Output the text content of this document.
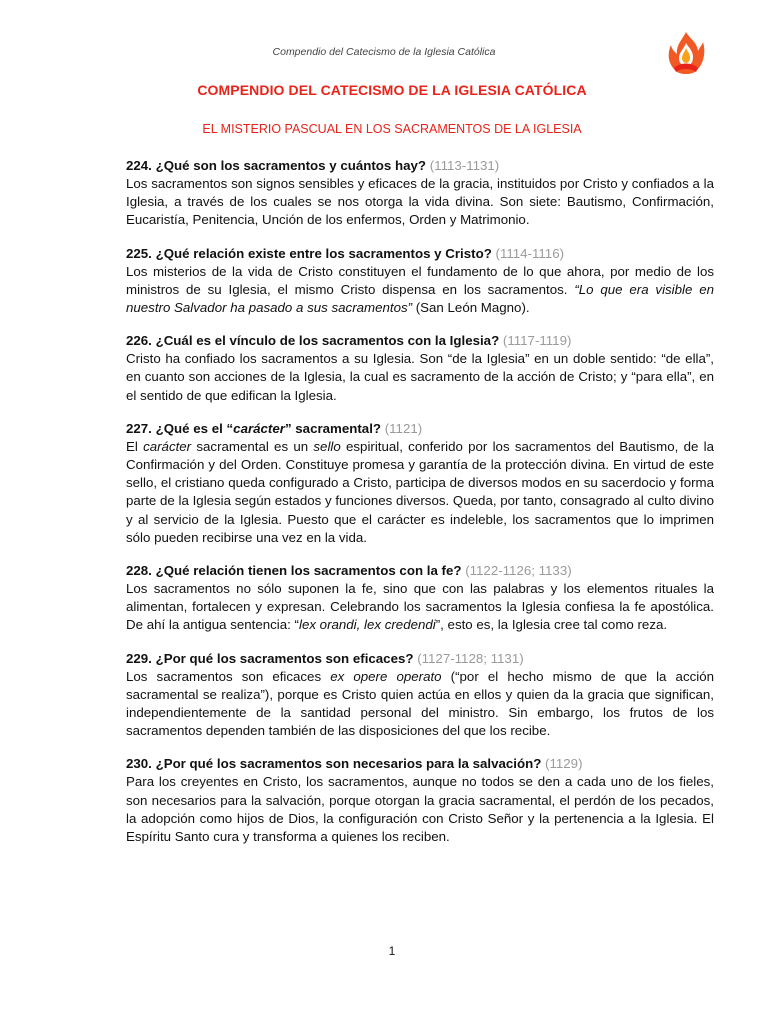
Compendio del Catecismo de la Iglesia Católica
COMPENDIO DEL CATECISMO DE LA IGLESIA CATÓLICA
EL MISTERIO PASCUAL EN LOS SACRAMENTOS DE LA IGLESIA
224. ¿Qué son los sacramentos y cuántos hay? (1113-1131)

Los sacramentos son signos sensibles y eficaces de la gracia, instituidos por Cristo y confiados a la Iglesia, a través de los cuales se nos otorga la vida divina. Son siete: Bautismo, Confirmación, Eucaristía, Penitencia, Unción de los enfermos, Orden y Matrimonio.

225. ¿Qué relación existe entre los sacramentos y Cristo? (1114-1116)

Los misterios de la vida de Cristo constituyen el fundamento de lo que ahora, por medio de los ministros de su Iglesia, el mismo Cristo dispensa en los sacramentos. “Lo que era visible en nuestro Salvador ha pasado a sus sacramentos” (San León Magno).

226. ¿Cuál es el vínculo de los sacramentos con la Iglesia? (1117-1119)

Cristo ha confiado los sacramentos a su Iglesia. Son “de la Iglesia” en un doble sentido: “de ella”, en cuanto son acciones de la Iglesia, la cual es sacramento de la acción de Cristo; y “para ella”, en el sentido de que edifican la Iglesia.

227. ¿Qué es el “carácter” sacramental? (1121)

El carácter sacramental es un sello espiritual, conferido por los sacramentos del Bautismo, de la Confirmación y del Orden. Constituye promesa y garantía de la protección divina. En virtud de este sello, el cristiano queda configurado a Cristo, participa de diversos modos en su sacerdocio y forma parte de la Iglesia según estados y funciones diversos. Queda, por tanto, consagrado al culto divino y al servicio de la Iglesia. Puesto que el carácter es indeleble, los sacramentos que lo imprimen sólo pueden recibirse una vez en la vida.

228. ¿Qué relación tienen los sacramentos con la fe? (1122-1126; 1133)

Los sacramentos no sólo suponen la fe, sino que con las palabras y los elementos rituales la alimentan, fortalecen y expresan. Celebrando los sacramentos la Iglesia confiesa la fe apostólica. De ahí la antigua sentencia: “lex orandi, lex credendi”, esto es, la Iglesia cree tal como reza.

229. ¿Por qué los sacramentos son eficaces? (1127-1128; 1131)

Los sacramentos son eficaces ex opere operato (“por el hecho mismo de que la acción sacramental se realiza”), porque es Cristo quien actúa en ellos y quien da la gracia que significan, independientemente de la santidad personal del ministro. Sin embargo, los frutos de los sacramentos dependen también de las disposiciones del que los recibe.

230. ¿Por qué los sacramentos son necesarios para la salvación? (1129)

Para los creyentes en Cristo, los sacramentos, aunque no todos se den a cada uno de los fieles, son necesarios para la salvación, porque otorgan la gracia sacramental, el perdón de los pecados, la adopción como hijos de Dios, la configuración con Cristo Señor y la pertenencia a la Iglesia. El Espíritu Santo cura y transforma a quienes los reciben.

1
